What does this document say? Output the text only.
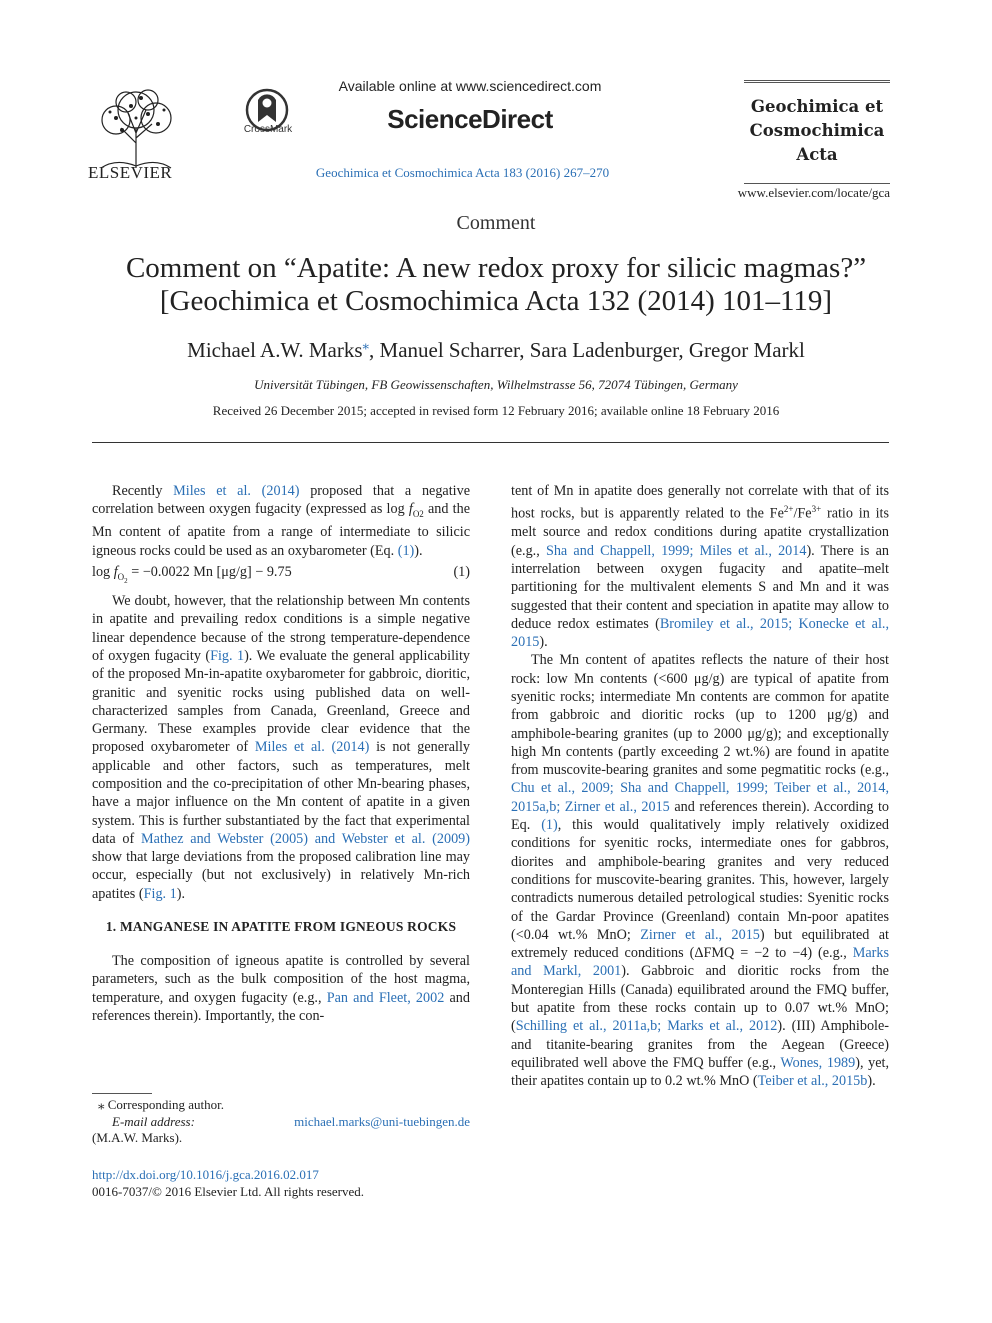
ELSEVIER
CrossMark
Available online at www.sciencedirect.com
ScienceDirect
Geochimica et Cosmochimica Acta 183 (2016) 267–270
Geochimica et
Cosmochimica
Acta
www.elsevier.com/locate/gca
Comment
Comment on “Apatite: A new redox proxy for silicic magmas?”
[Geochimica et Cosmochimica Acta 132 (2014) 101–119]
Michael A.W. Marks⁎, Manuel Scharrer, Sara Ladenburger, Gregor Markl
Universität Tübingen, FB Geowissenschaften, Wilhelmstrasse 56, 72074 Tübingen, Germany
Received 26 December 2015; accepted in revised form 12 February 2016; available online 18 February 2016

Recently Miles et al. (2014) proposed that a negative correlation between oxygen fugacity (expressed as $\log f_{O2}$ and the Mn content of apatite from a range of intermediate to silicic igneous rocks could be used as an oxybarometer (Eq. (1)).

$\log f_{O_2} = -0.0022$ Mn [μg/g] − 9.75	(1)

We doubt, however, that the relationship between Mn contents in apatite and prevailing redox conditions is a simple negative linear dependence because of the strong temperature-dependence of oxygen fugacity (Fig. 1). We evaluate the general applicability of the proposed Mn-in-apatite oxybarometer for gabbroic, dioritic, granitic and syenitic rocks using published data on well-characterized samples from Canada, Greenland, Greece and Germany. These examples provide clear evidence that the proposed oxybarometer of Miles et al. (2014) is not generally applicable and other factors, such as temperatures, melt composition and the co-precipitation of other Mn-bearing phases, have a major influence on the Mn content of apatite in a given system. This is further substantiated by the fact that experimental data of Mathez and Webster (2005) and Webster et al. (2009) show that large deviations from the proposed calibration line may occur, especially (but not exclusively) in relatively Mn-rich apatites (Fig. 1).

1. MANGANESE IN APATITE FROM IGNEOUS ROCKS

The composition of igneous apatite is controlled by several parameters, such as the bulk composition of the host magma, temperature, and oxygen fugacity (e.g., Pan and Fleet, 2002 and references therein). Importantly, the con-

tent of Mn in apatite does generally not correlate with that of its host rocks, but is apparently related to the $Fe^{2+}/Fe^{3+}$ ratio in its melt source and redox conditions during apatite crystallization (e.g., Sha and Chappell, 1999; Miles et al., 2014). There is an interrelation between oxygen fugacity and apatite–melt partitioning for the multivalent elements S and Mn and it was suggested that their content and speciation in apatite may allow to deduce redox estimates (Bromiley et al., 2015; Konecke et al., 2015).

The Mn content of apatites reflects the nature of their host rock: low Mn contents (<600 μg/g) are typical of apatite from syenitic rocks; intermediate Mn contents are common for apatite from gabbroic and dioritic rocks (up to 1200 μg/g) and amphibole-bearing granites (up to 2000 μg/g); and exceptionally high Mn contents (partly exceeding 2 wt.%) are found in apatite from muscovite-bearing granites and some pegmatitic rocks (e.g., Chu et al., 2009; Sha and Chappell, 1999; Teiber et al., 2014, 2015a,b; Zirner et al., 2015 and references therein). According to Eq. (1), this would qualitatively imply relatively oxidized conditions for syenitic rocks, intermediate ones for gabbros, diorites and amphibole-bearing granites and very reduced conditions for muscovite-bearing granites. This, however, largely contradicts numerous detailed petrological studies: Syenitic rocks of the Gardar Province (Greenland) contain Mn-poor apatites (<0.04 wt.% MnO; Zirner et al., 2015) but equilibrated at extremely reduced conditions (ΔFMQ = −2 to −4) (e.g., Marks and Markl, 2001). Gabbroic and dioritic rocks from the Monteregian Hills (Canada) equilibrated around the FMQ buffer, but apatite from these rocks contain up to 0.07 wt.% MnO; (Schilling et al., 2011a,b; Marks et al., 2012). (III) Amphibole- and titanite-bearing granites from the Aegean (Greece) equilibrated well above the FMQ buffer (e.g., Wones, 1989), yet, their apatites contain up to 0.2 wt.% MnO (Teiber et al., 2015b).

⁎ Corresponding author.
E-mail address:	michael.marks@uni-tuebingen.de
(M.A.W. Marks).
http://dx.doi.org/10.1016/j.gca.2016.02.017
0016-7037/© 2016 Elsevier Ltd. All rights reserved.
